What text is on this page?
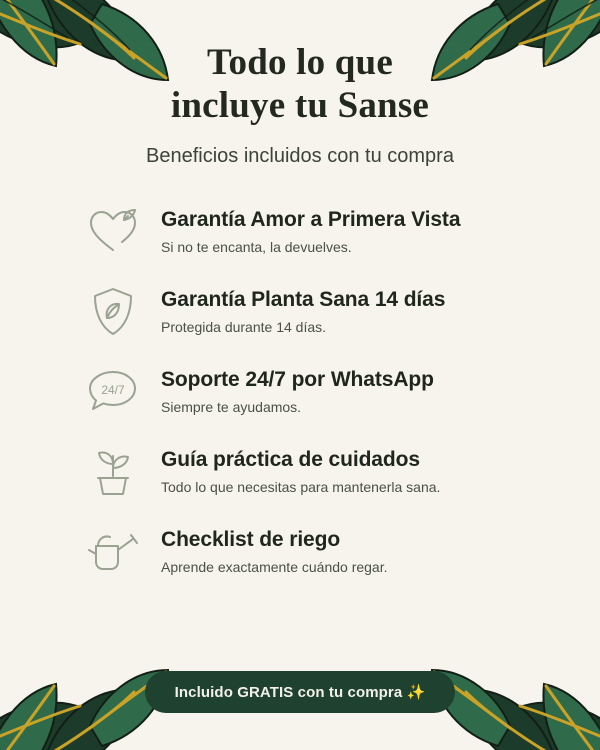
Todo lo que
incluye tu Sanse
Beneficios incluidos con tu compra
Garantía Amor a Primera Vista
Si no te encanta, la devuelves.
Garantía Planta Sana 14 días
Protegida durante 14 días.
24/7 Soporte 24/7 por WhatsApp
Siempre te ayudamos.
Guía práctica de cuidados
Todo lo que necesitas para mantenerla sana.
Checklist de riego
Aprende exactamente cuándo regar.
Incluido GRATIS con tu compra ✨
